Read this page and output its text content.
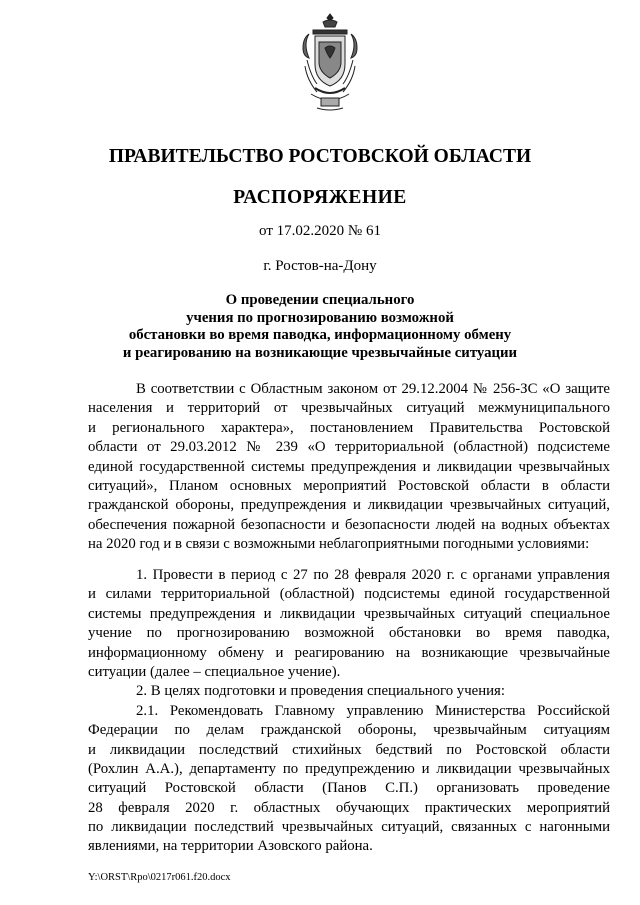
ПРАВИТЕЛЬСТВО РОСТОВСКОЙ ОБЛАСТИ
РАСПОРЯЖЕНИЕ
от 17.02.2020 № 61
г. Ростов-на-Дону
О проведении специального
учения по прогнозированию возможной
обстановки во время паводка, информационному обмену
и реагированию на возникающие чрезвычайные ситуации
В соответствии с Областным законом от 29.12.2004 № 256-ЗС «О защите
населения и территорий от чрезвычайных ситуаций межмуниципального
и регионального характера», постановлением Правительства Ростовской
области от 29.03.2012 № 239 «О территориальной (областной) подсистеме
единой государственной системы предупреждения и ликвидации чрезвычайных
ситуаций», Планом основных мероприятий Ростовской области в области
гражданской обороны, предупреждения и ликвидации чрезвычайных ситуаций,
обеспечения пожарной безопасности и безопасности людей на водных объектах
на 2020 год и в связи с возможными неблагоприятными погодными условиями:
1. Провести в период с 27 по 28 февраля 2020 г. с органами управления
и силами территориальной (областной) подсистемы единой государственной
системы предупреждения и ликвидации чрезвычайных ситуаций специальное
учение по прогнозированию возможной обстановки во время паводка,
информационному обмену и реагированию на возникающие чрезвычайные
ситуации (далее – специальное учение).
2. В целях подготовки и проведения специального учения:
2.1. Рекомендовать Главному управлению Министерства Российской
Федерации по делам гражданской обороны, чрезвычайным ситуациям
и ликвидации последствий стихийных бедствий по Ростовской области
(Рохлин А.А.), департаменту по предупреждению и ликвидации чрезвычайных
ситуаций Ростовской области (Панов С.П.) организовать проведение
28 февраля 2020 г. областных обучающих практических мероприятий
по ликвидации последствий чрезвычайных ситуаций, связанных с нагонными
явлениями, на территории Азовского района.
Y:\ORST\Rpo\0217r061.f20.docx
